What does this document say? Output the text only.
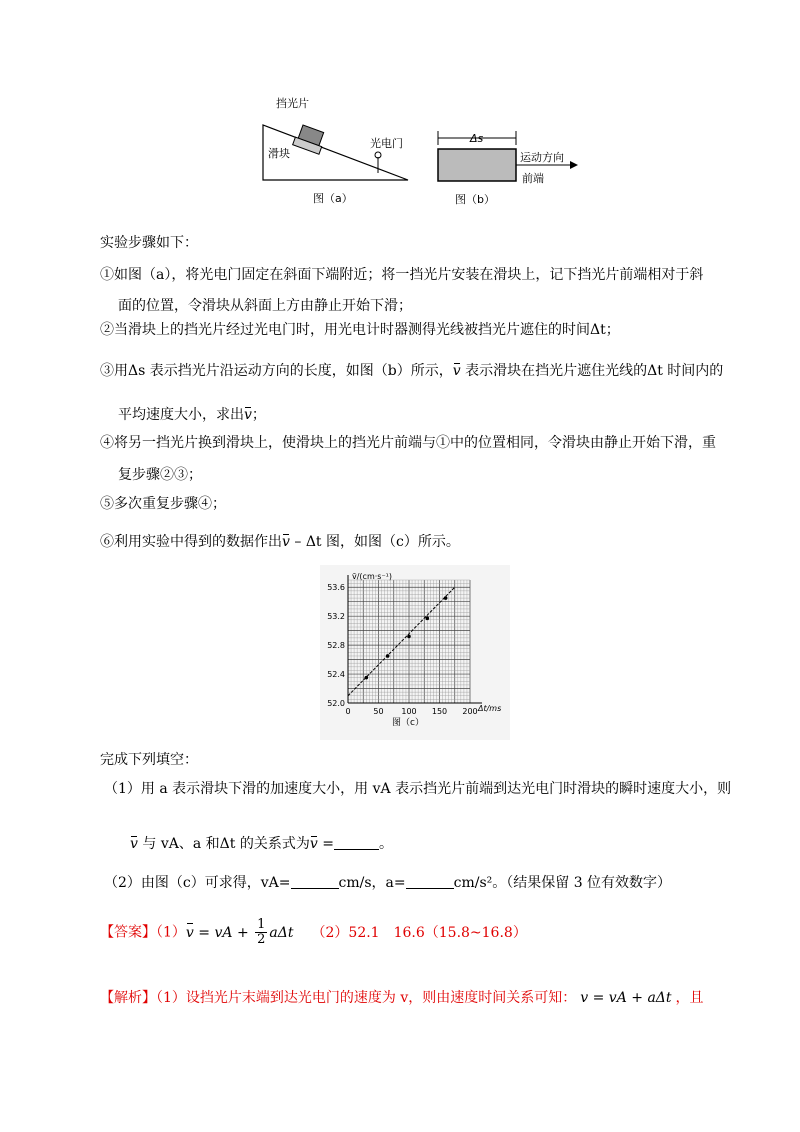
挡光片
滑块
光电门
图（a）
Δs
运动方向
前端
图（b）
实验步骤如下：
①如图（a），将光电门固定在斜面下端附近；将一挡光片安装在滑块上，记下挡光片前端相对于斜
面的位置，令滑块从斜面上方由静止开始下滑；
②当滑块上的挡光片经过光电门时，用光电计时器测得光线被挡光片遮住的时间Δt；
③用Δs 表示挡光片沿运动方向的长度，如图（b）所示，v 表示滑块在挡光片遮住光线的Δt 时间内的
平均速度大小，求出v；
④将另一挡光片换到滑块上，使滑块上的挡光片前端与①中的位置相同，令滑块由静止开始下滑，重
复步骤②③；
⑤多次重复步骤④；
⑥利用实验中得到的数据作出v – Δt 图，如图（c）所示。
0	50 100 150 200
52.0
52.4
52.8
53.2
53.6
v̄/(cm·s⁻¹)
Δt/ms
图（c）
完成下列填空：
（1）用 a 表示滑块下滑的加速度大小，用 vA 表示挡光片前端到达光电门时滑块的瞬时速度大小，则
v 与 vA、a 和Δt 的关系式为v =	。
（2）由图（c）可求得，vA=	cm/s，a=	cm/s²。（结果保留 3 位有效数字）
【答案】（1）v = vA + $\frac{1}{2}$ aΔt （2）52.1　16.6（15.8~16.8）
【解析】（1）设挡光片末端到达光电门的速度为 v，则由速度时间关系可知： v = vA + aΔt ，且
